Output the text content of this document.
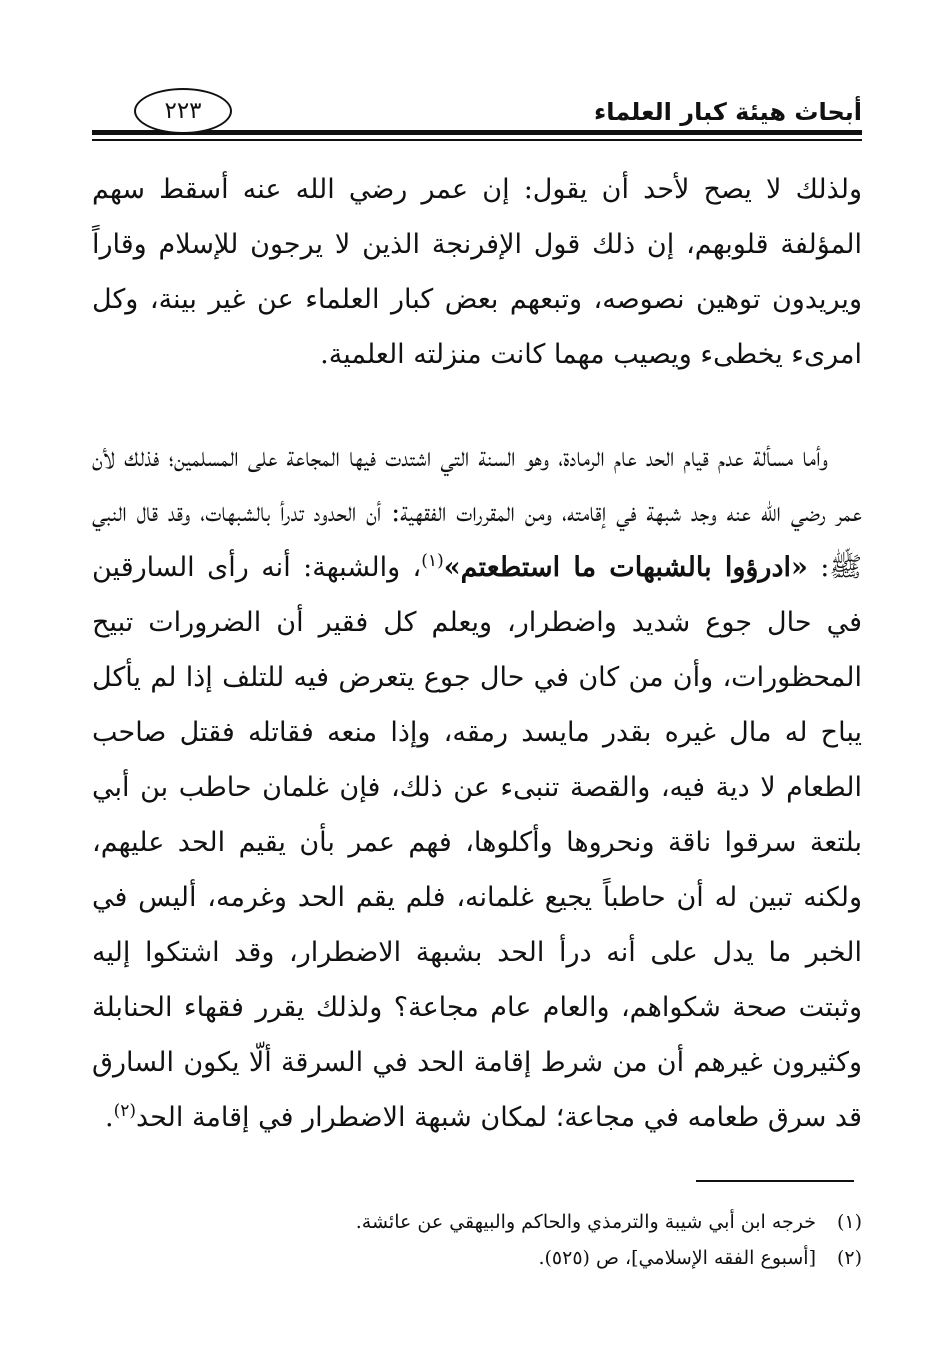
٢٢٣	أبحاث هيئة كبار العلماء
ولذلك لا يصح لأحد أن يقول: إن عمر رضي الله عنه أسقط سهم المؤلفة قلوبهم، إن ذلك قول الإفرنجة الذين لا يرجون للإسلام وقاراً ويريدون توهين نصوصه، وتبعهم بعض كبار العلماء عن غير بينة، وكل امرىء يخطىء ويصيب مهما كانت منزلته العلمية.
وأما مسألة عدم قيام الحد عام الرمادة، وهو السنة التي اشتدت فيها المجاعة على المسلمين؛ فذلك لأن عمر رضي الله عنه وجد شبهة في إقامته، ومن المقررات الفقهية: أن الحدود تدرأ بالشبهات، وقد قال النبي ﷺ: «ادرؤوا بالشبهات ما استطعتم»$^{(١)}$، والشبهة: أنه رأى السارقين في حال جوع شديد واضطرار، ويعلم كل فقير أن الضرورات تبيح المحظورات، وأن من كان في حال جوع يتعرض فيه للتلف إذا لم يأكل يباح له مال غيره بقدر مايسد رمقه، وإذا منعه فقاتله فقتل صاحب الطعام لا دية فيه، والقصة تنبىء عن ذلك، فإن غلمان حاطب بن أبي بلتعة سرقوا ناقة ونحروها وأكلوها، فهم عمر بأن يقيم الحد عليهم، ولكنه تبين له أن حاطباً يجيع غلمانه، فلم يقم الحد وغرمه، أليس في الخبر ما يدل على أنه درأ الحد بشبهة الاضطرار، وقد اشتكوا إليه وثبتت صحة شكواهم، والعام عام مجاعة؟ ولذلك يقرر فقهاء الحنابلة وكثيرون غيرهم أن من شرط إقامة الحد في السرقة ألّا يكون السارق قد سرق طعامه في مجاعة؛ لمكان شبهة الاضطرار في إقامة الحد$^{(٢)}$.
(١)
خرجه ابن أبي شيبة والترمذي والحاكم والبيهقي عن عائشة.
(٢)
[أسبوع الفقه الإسلامي]، ص (٥٢٥).
